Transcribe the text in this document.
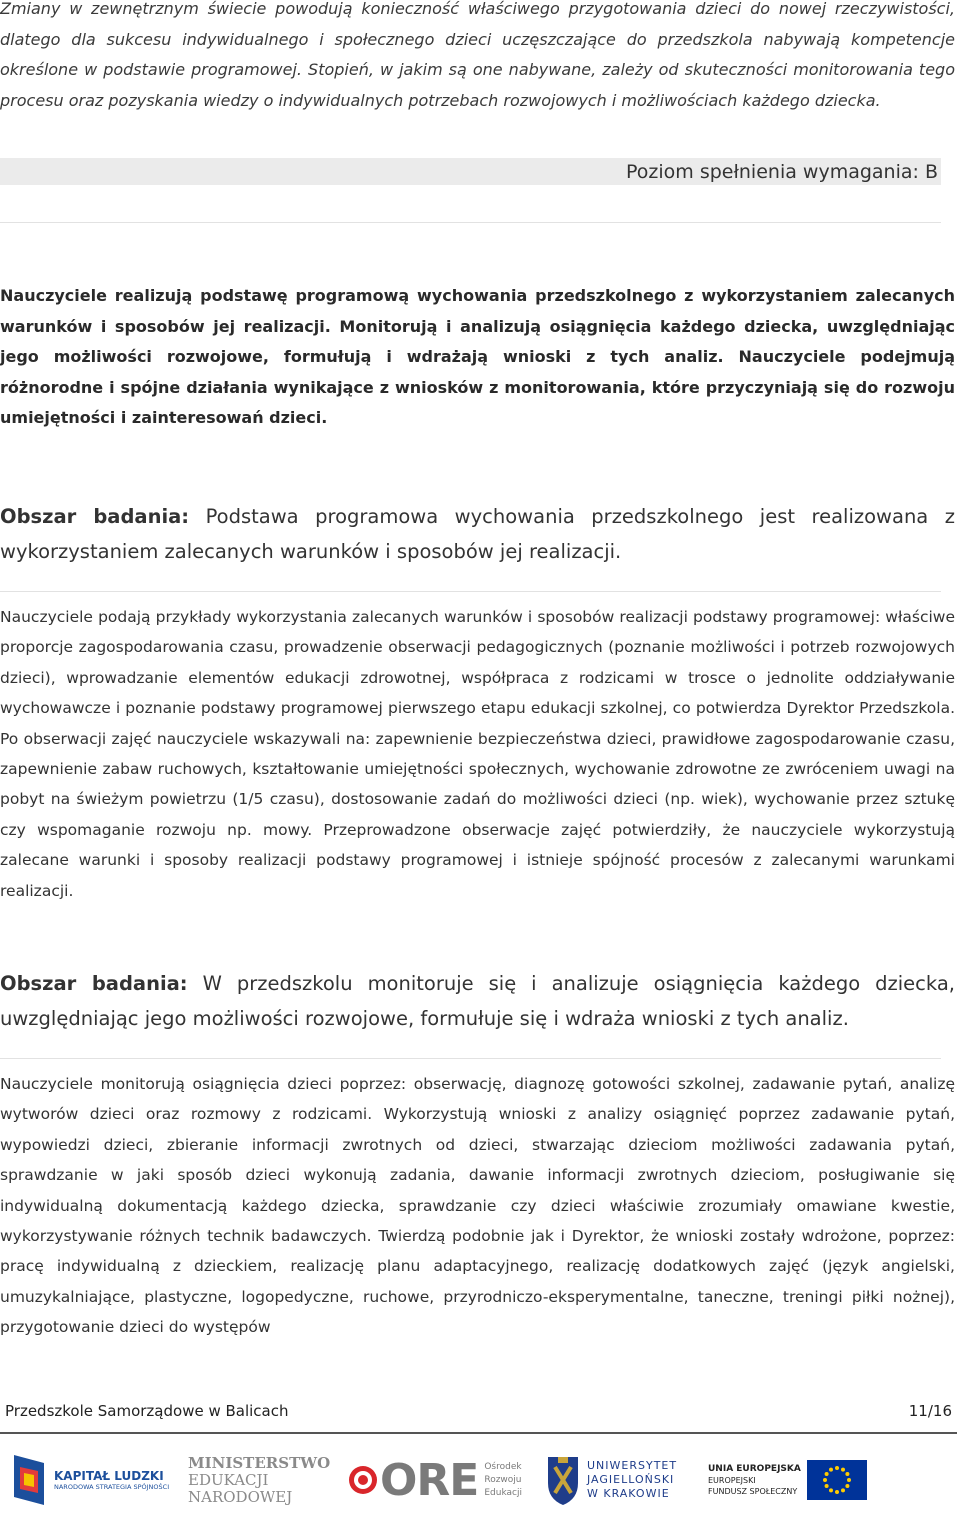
Zmiany w zewnętrznym świecie powodują konieczność właściwego przygotowania dzieci do nowej rzeczywistości, dlatego dla sukcesu indywidualnego i społecznego dzieci uczęszczające do przedszkola nabywają kompetencje określone w podstawie programowej. Stopień, w jakim są one nabywane, zależy od skuteczności monitorowania tego procesu oraz pozyskania wiedzy o indywidualnych potrzebach rozwojowych i możliwościach każdego dziecka.
Poziom spełnienia wymagania: B
Nauczyciele realizują podstawę programową wychowania przedszkolnego z wykorzystaniem zalecanych warunków i sposobów jej realizacji. Monitorują i analizują osiągnięcia każdego dziecka, uwzględniając jego możliwości rozwojowe, formułują i wdrażają wnioski z tych analiz. Nauczyciele podejmują różnorodne i spójne działania wynikające z wniosków z monitorowania, które przyczyniają się do rozwoju umiejętności i zainteresowań dzieci.
Obszar badania: Podstawa programowa wychowania przedszkolnego jest realizowana z wykorzystaniem zalecanych warunków i sposobów jej realizacji.
Nauczyciele podają przykłady wykorzystania zalecanych warunków i sposobów realizacji podstawy programowej: właściwe proporcje zagospodarowania czasu, prowadzenie obserwacji pedagogicznych (poznanie możliwości i potrzeb rozwojowych dzieci), wprowadzanie elementów edukacji zdrowotnej, współpraca z rodzicami w trosce o jednolite oddziaływanie wychowawcze i poznanie podstawy programowej pierwszego etapu edukacji szkolnej, co potwierdza Dyrektor Przedszkola. Po obserwacji zajęć nauczyciele wskazywali na: zapewnienie bezpieczeństwa dzieci, prawidłowe zagospodarowanie czasu, zapewnienie zabaw ruchowych, kształtowanie umiejętności społecznych, wychowanie zdrowotne ze zwróceniem uwagi na pobyt na świeżym powietrzu (1/5 czasu), dostosowanie zadań do możliwości dzieci (np. wiek), wychowanie przez sztukę czy wspomaganie rozwoju np. mowy. Przeprowadzone obserwacje zajęć potwierdziły, że nauczyciele wykorzystują zalecane warunki i sposoby realizacji podstawy programowej i istnieje spójność procesów z zalecanymi warunkami realizacji.
Obszar badania: W przedszkolu monitoruje się i analizuje osiągnięcia każdego dziecka, uwzględniając jego możliwości rozwojowe, formułuje się i wdraża wnioski z tych analiz.
Nauczyciele monitorują osiągnięcia dzieci poprzez: obserwację, diagnozę gotowości szkolnej, zadawanie pytań, analizę wytworów dzieci oraz rozmowy z rodzicami. Wykorzystują wnioski z analizy osiągnięć poprzez zadawanie pytań, wypowiedzi dzieci, zbieranie informacji zwrotnych od dzieci, stwarzając dzieciom możliwości zadawania pytań, sprawdzanie w jaki sposób dzieci wykonują zadania, dawanie informacji zwrotnych dzieciom, posługiwanie się indywidualną dokumentacją każdego dziecka, sprawdzanie czy dzieci właściwie zrozumiały omawiane kwestie, wykorzystywanie różnych technik badawczych. Twierdzą podobnie jak i Dyrektor, że wnioski zostały wdrożone, poprzez: pracę indywidualną z dzieckiem, realizację planu adaptacyjnego, realizację dodatkowych zajęć (język angielski, umuzykalniające, plastyczne, logopedyczne, ruchowe, przyrodniczo-eksperymentalne, taneczne, treningi piłki nożnej), przygotowanie dzieci do występów
Przedszkole Samorządowe w Balicach	11/16
KAPITAŁ LUDZKI
NARODOWA STRATEGIA SPÓJNOŚCI
MINISTERSTWO
EDUKACJI
NARODOWEJ ORE Ośrodek
Rozwoju
Edukacji
UNIWERSYTET
JAGIELLOŃSKI
W KRAKOWIE
UNIA EUROPEJSKA
EUROPEJSKI
FUNDUSZ SPOŁECZNY
